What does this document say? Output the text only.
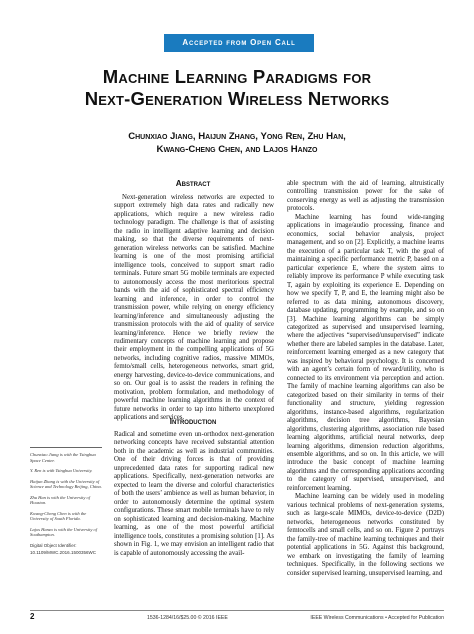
Accepted from Open Call
Machine Learning Paradigms for
Next-Generation Wireless Networks
Chunxiao Jiang, Haijun Zhang, Yong Ren, Zhu Han,
Kwang-Cheng Chen, and Lajos Hanzo
Abstract

Next-generation wireless networks are expected to support extremely high data rates and radically new applications, which require a new wireless radio technology paradigm. The challenge is that of assisting the radio in intelligent adaptive learning and decision making, so that the diverse requirements of next-generation wireless networks can be satisfied. Machine learning is one of the most promising artificial intelligence tools, conceived to support smart radio terminals. Future smart 5G mobile terminals are expected to autonomously access the most meritorious spectral bands with the aid of sophisticated spectral efficiency learning and inference, in order to control the transmission power, while relying on energy efficiency learning/inference and simultaneously adjusting the transmission protocols with the aid of quality of service learning/inference. Hence we briefly review the rudimentary concepts of machine learning and propose their employment in the compelling applications of 5G networks, including cognitive radios, massive MIMOs, femto/small cells, heterogeneous networks, smart grid, energy harvesting, device-to-device communications, and so on. Our goal is to assist the readers in refining the motivation, problem formulation, and methodology of powerful machine learning algorithms in the context of future networks in order to tap into hitherto unexplored applications and services.

Introduction

Radical and sometime even un-orthodox next-generation networking concepts have received substantial attention both in the academic as well as industrial communities. One of their driving forces is that of providing unprecedented data rates for supporting radical new applications. Specifically, next-generation networks are expected to learn the diverse and colorful characteristics of both the users’ ambience as well as human behavior, in order to autonomously determine the optimal system configurations. These smart mobile terminals have to rely on sophisticated learning and decision-making. Machine learning, as one of the most powerful artificial intelligence tools, constitutes a promising solution [1]. As shown in Fig. 1, we may envision an intelligent radio that is capable of autonomously accessing the avail-

able spectrum with the aid of learning, altruistically controlling transmission power for the sake of conserving energy as well as adjusting the transmission protocols.

Machine learning has found wide-ranging applications in image/audio processing, finance and economics, social behavior analysis, project management, and so on [2]. Explicitly, a machine learns the execution of a particular task T, with the goal of maintaining a specific performance metric P, based on a particular experience E, where the system aims to reliably improve its performance P while executing task T, again by exploiting its experience E. Depending on how we specify T, P, and E, the learning might also be referred to as data mining, autonomous discovery, database updating, programming by example, and so on [3]. Machine learning algorithms can be simply categorized as supervised and unsupervised learning, where the adjectives “supervised/unsupervised” indicate whether there are labeled samples in the database. Later, reinforcement learning emerged as a new category that was inspired by behavioral psychology. It is concerned with an agent’s certain form of reward/utility, who is connected to its environment via perception and action. The family of machine learning algorithms can also be categorized based on their similarity in terms of their functionality and structure, yielding regression algorithms, instance-based algorithms, regularization algorithms, decision tree algorithms, Bayesian algorithms, clustering algorithms, association rule based learning algorithms, artificial neural networks, deep learning algorithms, dimension reduction algorithms, ensemble algorithms, and so on. In this article, we will introduce the basic concept of machine learning algorithms and the corresponding applications according to the category of supervised, unsupervised, and reinforcement learning.

Machine learning can be widely used in modeling various technical problems of next-generation systems, such as large-scale MIMOs, device-to-device (D2D) networks, heterogeneous networks constituted by femtocells and small cells, and so on. Figure 2 portrays the family-tree of machine learning techniques and their potential applications in 5G. Against this background, we embark on investigating the family of learning techniques. Specifically, in the following sections we consider supervised learning, unsupervised learning, and

Chunxiao Jiang is with the Tsinghua Space Center.
Y. Ren is with Tsinghua University.
Haijun Zhang is with the University of Science and Technology Beijing, China.
Zhu Han is with the University of Houston.
Kwang-Cheng Chen is with the University of South Florida.
Lajos Hanzo is with the University of Southampton.
Digital Object Identifier:
10.1109/MWC.2016.1500356WC
2	1536-1284/16/$25.00 © 2016 IEEE	IEEE Wireless Communications • Accepted for Publication
